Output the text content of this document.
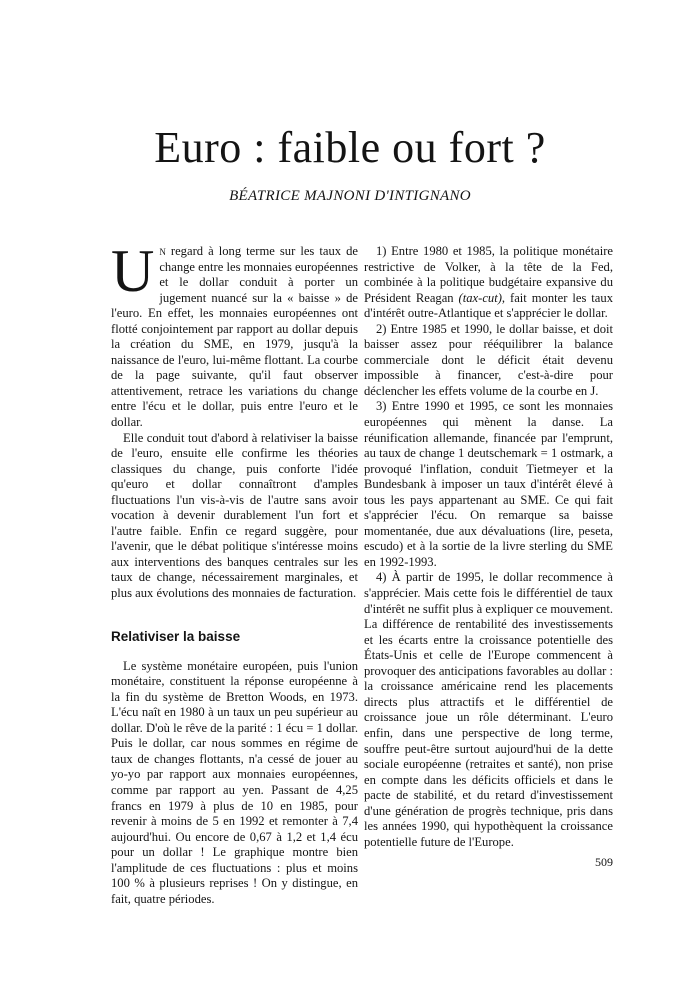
Euro : faible ou fort ?
BÉATRICE MAJNONI D'INTIGNANO

Un regard à long terme sur les taux de change entre les monnaies européennes et le dollar conduit à porter un jugement nuancé sur la « baisse » de l'euro. En effet, les monnaies européennes ont flotté conjointement par rapport au dollar depuis la création du SME, en 1979, jusqu'à la naissance de l'euro, lui-même flottant. La courbe de la page suivante, qu'il faut observer attentivement, retrace les variations du change entre l'écu et le dollar, puis entre l'euro et le dollar.

Elle conduit tout d'abord à relativiser la baisse de l'euro, ensuite elle confirme les théories classiques du change, puis conforte l'idée qu'euro et dollar connaîtront d'amples fluctuations l'un vis-à-vis de l'autre sans avoir vocation à devenir durablement l'un fort et l'autre faible. Enfin ce regard suggère, pour l'avenir, que le débat politique s'intéresse moins aux interventions des banques centrales sur les taux de change, nécessairement marginales, et plus aux évolutions des monnaies de facturation.

Relativiser la baisse

Le système monétaire européen, puis l'union monétaire, constituent la réponse européenne à la fin du système de Bretton Woods, en 1973. L'écu naît en 1980 à un taux un peu supérieur au dollar. D'où le rêve de la parité : 1 écu = 1 dollar. Puis le dollar, car nous sommes en régime de taux de changes flottants, n'a cessé de jouer au yo-yo par rapport aux monnaies européennes, comme par rapport au yen. Passant de 4,25 francs en 1979 à plus de 10 en 1985, pour revenir à moins de 5 en 1992 et remonter à 7,4 aujourd'hui. Ou encore de 0,67 à 1,2 et 1,4 écu pour un dollar ! Le graphique montre bien l'amplitude de ces fluctuations : plus et moins 100 % à plusieurs reprises ! On y distingue, en fait, quatre périodes.

1) Entre 1980 et 1985, la politique monétaire restrictive de Volker, à la tête de la Fed, combinée à la politique budgétaire expansive du Président Reagan (tax-cut), fait monter les taux d'intérêt outre-Atlantique et s'apprécier le dollar.

2) Entre 1985 et 1990, le dollar baisse, et doit baisser assez pour rééquilibrer la balance commerciale dont le déficit était devenu impossible à financer, c'est-à-dire pour déclencher les effets volume de la courbe en J.

3) Entre 1990 et 1995, ce sont les monnaies européennes qui mènent la danse. La réunification allemande, financée par l'emprunt, au taux de change 1 deutschemark = 1 ostmark, a provoqué l'inflation, conduit Tietmeyer et la Bundesbank à imposer un taux d'intérêt élevé à tous les pays appartenant au SME. Ce qui fait s'apprécier l'écu. On remarque sa baisse momentanée, due aux dévaluations (lire, peseta, escudo) et à la sortie de la livre sterling du SME en 1992-1993.

4) À partir de 1995, le dollar recommence à s'apprécier. Mais cette fois le différentiel de taux d'intérêt ne suffit plus à expliquer ce mouvement. La différence de rentabilité des investissements et les écarts entre la croissance potentielle des États-Unis et celle de l'Europe commencent à provoquer des anticipations favorables au dollar : la croissance américaine rend les placements directs plus attractifs et le différentiel de croissance joue un rôle déterminant. L'euro enfin, dans une perspective de long terme, souffre peut-être surtout aujourd'hui de la dette sociale européenne (retraites et santé), non prise en compte dans les déficits officiels et dans le pacte de stabilité, et du retard d'investissement d'une génération de progrès technique, pris dans les années 1990, qui hypothèquent la croissance potentielle future de l'Europe.

509
